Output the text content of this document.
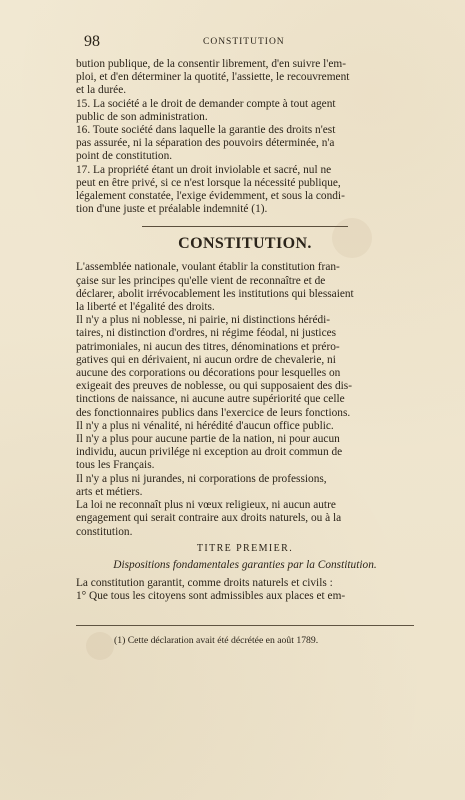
98	CONSTITUTION

bution publique, de la consentir librement, d'en suivre l'em-
ploi, et d'en déterminer la quotité, l'assiette, le recouvrement
et la durée.

15. La société a le droit de demander compte à tout agent
public de son administration.

16. Toute société dans laquelle la garantie des droits n'est
pas assurée, ni la séparation des pouvoirs déterminée, n'a
point de constitution.

17. La propriété étant un droit inviolable et sacré, nul ne
peut en être privé, si ce n'est lorsque la nécessité publique,
légalement constatée, l'exige évidemment, et sous la condi-
tion d'une juste et préalable indemnité (1).

CONSTITUTION.

L'assemblée nationale, voulant établir la constitution fran-
çaise sur les principes qu'elle vient de reconnaître et de
déclarer, abolit irrévocablement les institutions qui blessaient
la liberté et l'égalité des droits.

Il n'y a plus ni noblesse, ni pairie, ni distinctions hérédi-
taires, ni distinction d'ordres, ni régime féodal, ni justices
patrimoniales, ni aucun des titres, dénominations et préro-
gatives qui en dérivaient, ni aucun ordre de chevalerie, ni
aucune des corporations ou décorations pour lesquelles on
exigeait des preuves de noblesse, ou qui supposaient des dis-
tinctions de naissance, ni aucune autre supériorité que celle
des fonctionnaires publics dans l'exercice de leurs fonctions.

Il n'y a plus ni vénalité, ni hérédité d'aucun office public.

Il n'y a plus pour aucune partie de la nation, ni pour aucun
individu, aucun privilége ni exception au droit commun de
tous les Français.

Il n'y a plus ni jurandes, ni corporations de professions,
arts et métiers.

La loi ne reconnaît plus ni vœux religieux, ni aucun autre
engagement qui serait contraire aux droits naturels, ou à la
constitution.

TITRE PREMIER.
Dispositions fondamentales garanties par la Constitution.

La constitution garantit, comme droits naturels et civils :
1° Que tous les citoyens sont admissibles aux places et em-

(1) Cette déclaration avait été décrétée en août 1789.
